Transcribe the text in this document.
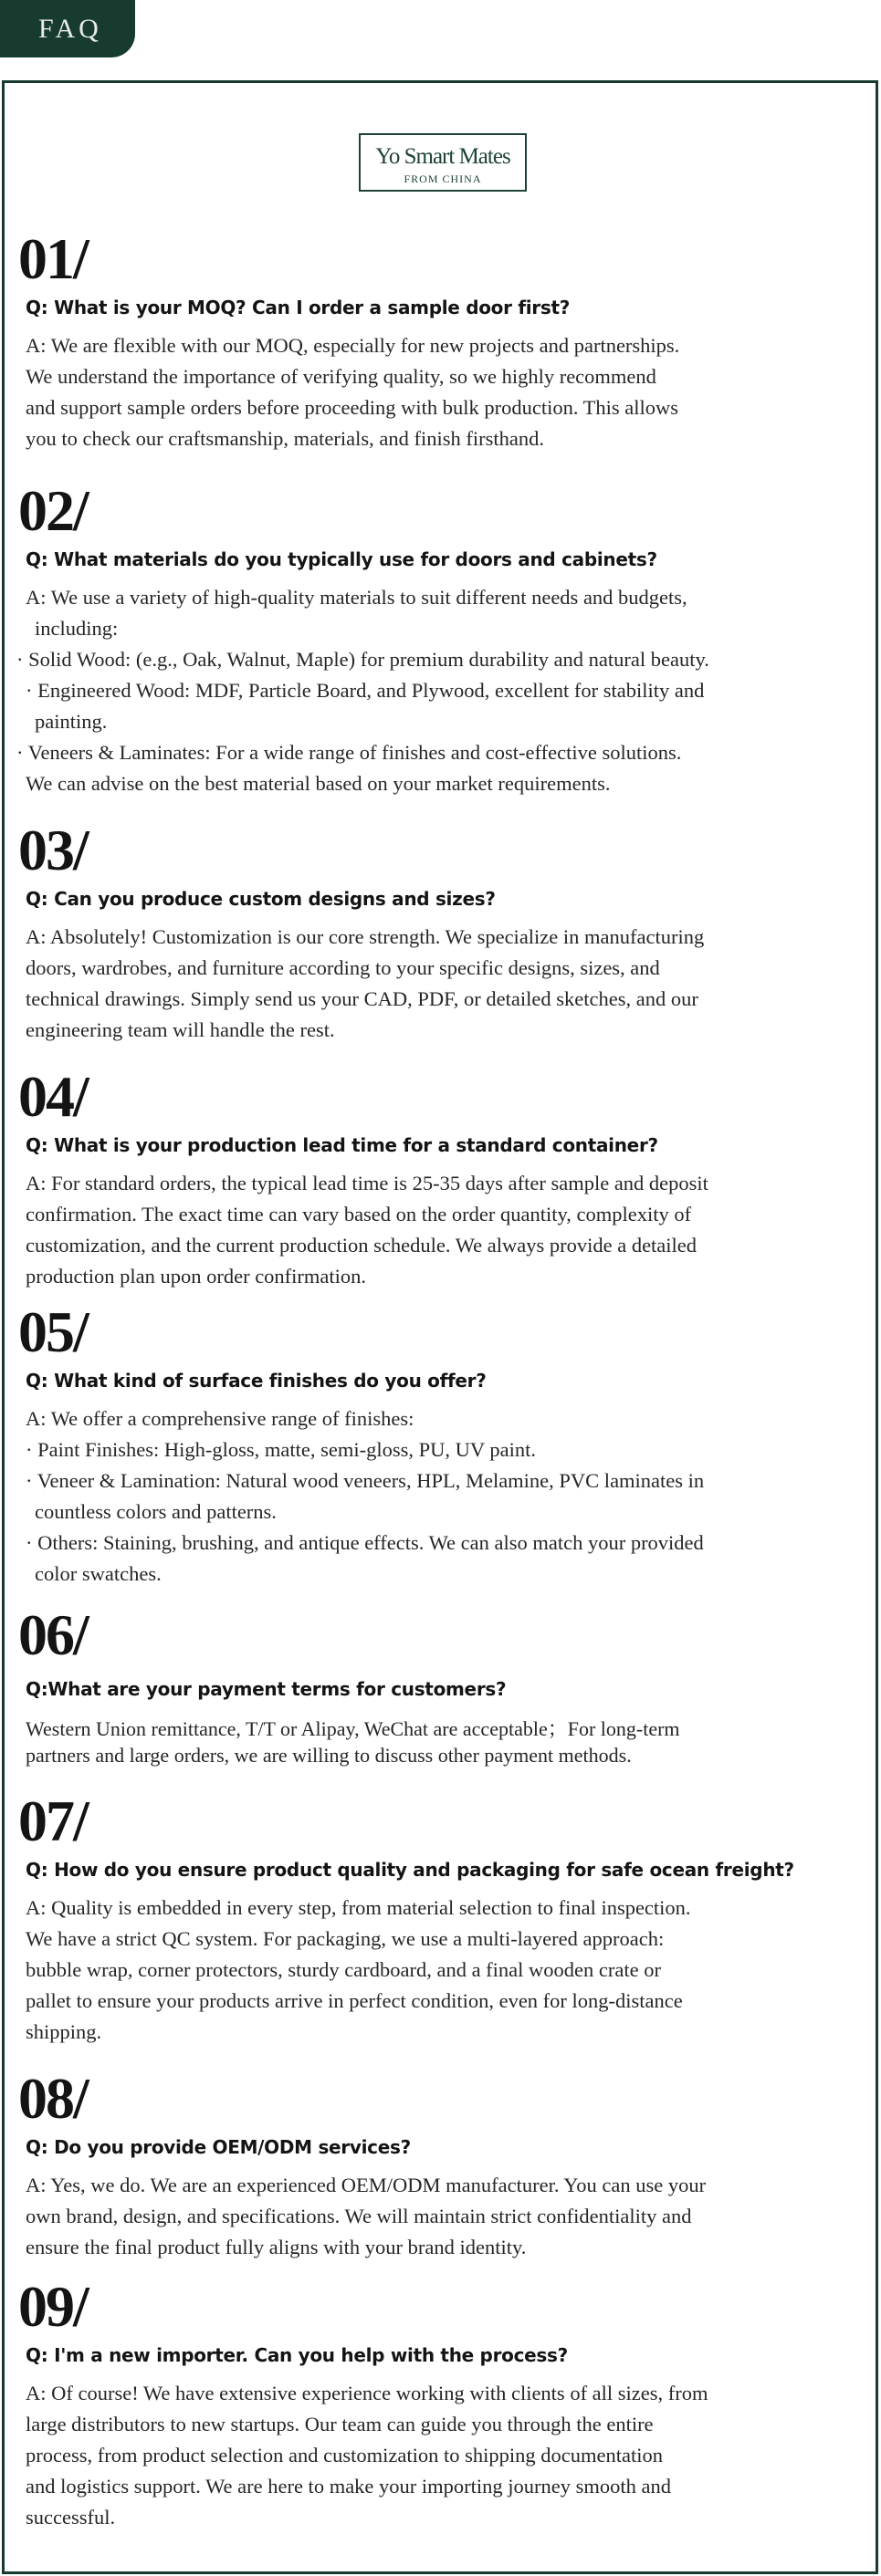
FAQ
Yo Smart Mates
FROM CHINA
01/
Q: What is your MOQ? Can I order a sample door first?

A: We are flexible with our MOQ, especially for new projects and partnerships.

We understand the importance of verifying quality, so we highly recommend

and support sample orders before proceeding with bulk production. This allows

you to check our craftsmanship, materials, and finish firsthand.

02/
Q: What materials do you typically use for doors and cabinets?

A: We use a variety of high-quality materials to suit different needs and budgets,

including:

· Solid Wood: (e.g., Oak, Walnut, Maple) for premium durability and natural beauty.

· Engineered Wood: MDF, Particle Board, and Plywood, excellent for stability and

painting.

· Veneers & Laminates: For a wide range of finishes and cost-effective solutions.

We can advise on the best material based on your market requirements.

03/
Q: Can you produce custom designs and sizes?

A: Absolutely! Customization is our core strength. We specialize in manufacturing

doors, wardrobes, and furniture according to your specific designs, sizes, and

technical drawings. Simply send us your CAD, PDF, or detailed sketches, and our

engineering team will handle the rest.

04/
Q: What is your production lead time for a standard container?

A: For standard orders, the typical lead time is 25-35 days after sample and deposit

confirmation. The exact time can vary based on the order quantity, complexity of

customization, and the current production schedule. We always provide a detailed

production plan upon order confirmation.

05/
Q: What kind of surface finishes do you offer?

A: We offer a comprehensive range of finishes:

· Paint Finishes: High-gloss, matte, semi-gloss, PU, UV paint.

· Veneer & Lamination: Natural wood veneers, HPL, Melamine, PVC laminates in

countless colors and patterns.

· Others: Staining, brushing, and antique effects. We can also match your provided

color swatches.

06/
Q:What are your payment terms for customers?

Western Union remittance, T/T or Alipay, WeChat are acceptable；For long-term

partners and large orders, we are willing to discuss other payment methods.

07/
Q: How do you ensure product quality and packaging for safe ocean freight?

A: Quality is embedded in every step, from material selection to final inspection.

We have a strict QC system. For packaging, we use a multi-layered approach:

bubble wrap, corner protectors, sturdy cardboard, and a final wooden crate or

pallet to ensure your products arrive in perfect condition, even for long-distance

shipping.

08/
Q: Do you provide OEM/ODM services?

A: Yes, we do. We are an experienced OEM/ODM manufacturer. You can use your

own brand, design, and specifications. We will maintain strict confidentiality and

ensure the final product fully aligns with your brand identity.

09/
Q: I'm a new importer. Can you help with the process?

A: Of course! We have extensive experience working with clients of all sizes, from

large distributors to new startups. Our team can guide you through the entire

process, from product selection and customization to shipping documentation

and logistics support. We are here to make your importing journey smooth and

successful.
